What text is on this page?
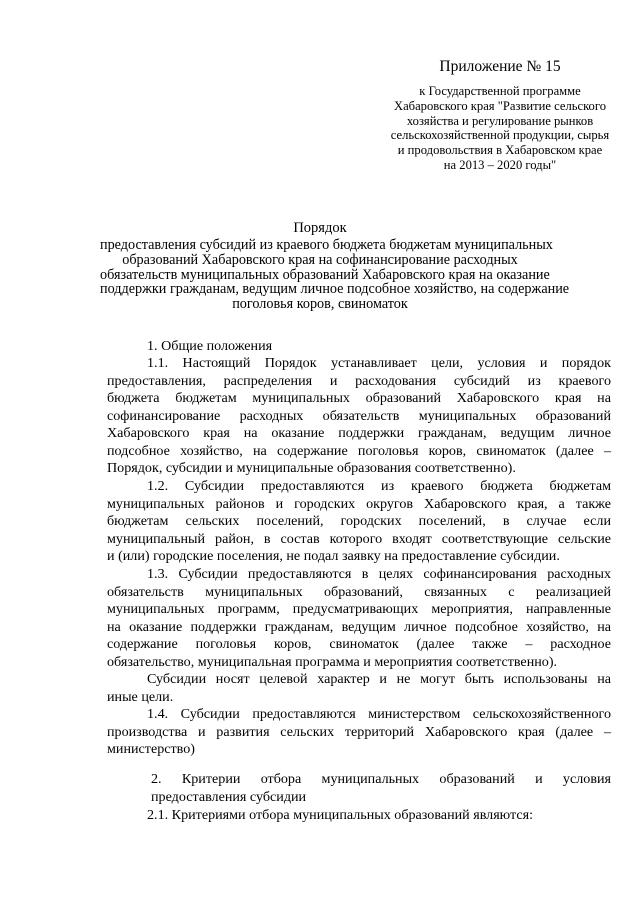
Приложение № 15
к Государственной программе
Хабаровского края "Развитие сельского
хозяйства и регулирование рынков
сельскохозяйственной продукции, сырья
и продовольствия в Хабаровском крае
на 2013 – 2020 годы"
Порядок
предоставления субсидий из краевого бюджета бюджетам муниципальных
образований Хабаровского края на софинансирование расходных
обязательств муниципальных образований Хабаровского края на оказание
поддержки гражданам, ведущим личное подсобное хозяйство, на содержание
поголовья коров, свиноматок
1. Общие положения
1.1. Настоящий Порядок устанавливает цели, условия и порядок
предоставления, распределения и расходования субсидий из краевого
бюджета бюджетам муниципальных образований Хабаровского края на
софинансирование расходных обязательств муниципальных образований
Хабаровского края на оказание поддержки гражданам, ведущим личное
подсобное хозяйство, на содержание поголовья коров, свиноматок (далее –
Порядок, субсидии и муниципальные образования соответственно).
1.2. Субсидии предоставляются из краевого бюджета бюджетам
муниципальных районов и городских округов Хабаровского края, а также
бюджетам сельских поселений, городских поселений, в случае если
муниципальный район, в состав которого входят соответствующие сельские
и (или) городские поселения, не подал заявку на предоставление субсидии.
1.3. Субсидии предоставляются в целях софинансирования расходных
обязательств муниципальных образований, связанных с реализацией
муниципальных программ, предусматривающих мероприятия, направленные
на оказание поддержки гражданам, ведущим личное подсобное хозяйство, на
содержание поголовья коров, свиноматок (далее также – расходное
обязательство, муниципальная программа и мероприятия соответственно).
Субсидии носят целевой характер и не могут быть использованы на
иные цели.
1.4. Субсидии предоставляются министерством сельскохозяйственного
производства и развития сельских территорий Хабаровского края (далее –
министерство)
2. Критерии отбора муниципальных образований и условия
предоставления субсидии
2.1. Критериями отбора муниципальных образований являются:
